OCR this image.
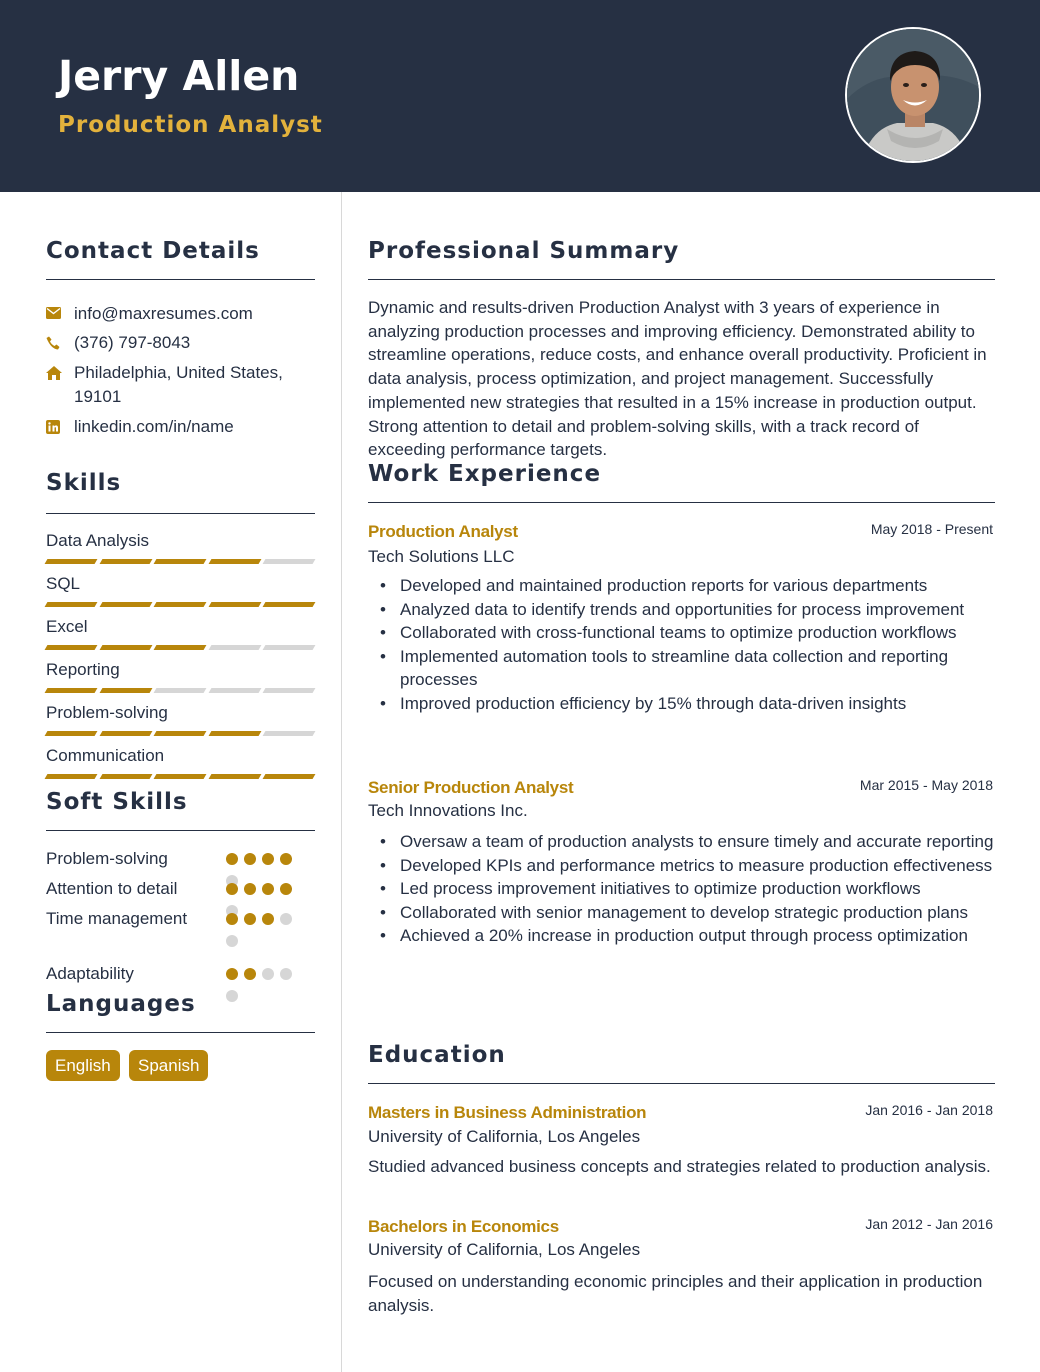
Jerry Allen
Production Analyst
Contact Details
info@maxresumes.com
(376) 797-8043
Philadelphia, United States, 19101
linkedin.com/in/name
Skills
Data Analysis
SQL
Excel
Reporting
Problem-solving
Communication
Soft Skills
Problem-solving
Attention to detail
Time management
Adaptability
Languages
English	Spanish
Professional Summary
Dynamic and results-driven Production Analyst with 3 years of experience in analyzing production processes and improving efficiency. Demonstrated ability to streamline operations, reduce costs, and enhance overall productivity. Proficient in data analysis, process optimization, and project management. Successfully implemented new strategies that resulted in a 15% increase in production output. Strong attention to detail and problem-solving skills, with a track record of exceeding performance targets.
Work Experience
Production Analyst	May 2018 - Present
Tech Solutions LLC
• Developed and maintained production reports for various departments
• Analyzed data to identify trends and opportunities for process improvement
• Collaborated with cross-functional teams to optimize production workflows
• Implemented automation tools to streamline data collection and reporting processes
• Improved production efficiency by 15% through data-driven insights
Senior Production Analyst	Mar 2015 - May 2018
Tech Innovations Inc.
• Oversaw a team of production analysts to ensure timely and accurate reporting
• Developed KPIs and performance metrics to measure production effectiveness
• Led process improvement initiatives to optimize production workflows
• Collaborated with senior management to develop strategic production plans
• Achieved a 20% increase in production output through process optimization
Education
Masters in Business Administration	Jan 2016 - Jan 2018
University of California, Los Angeles
Studied advanced business concepts and strategies related to production analysis.
Bachelors in Economics	Jan 2012 - Jan 2016
University of California, Los Angeles
Focused on understanding economic principles and their application in production analysis.
